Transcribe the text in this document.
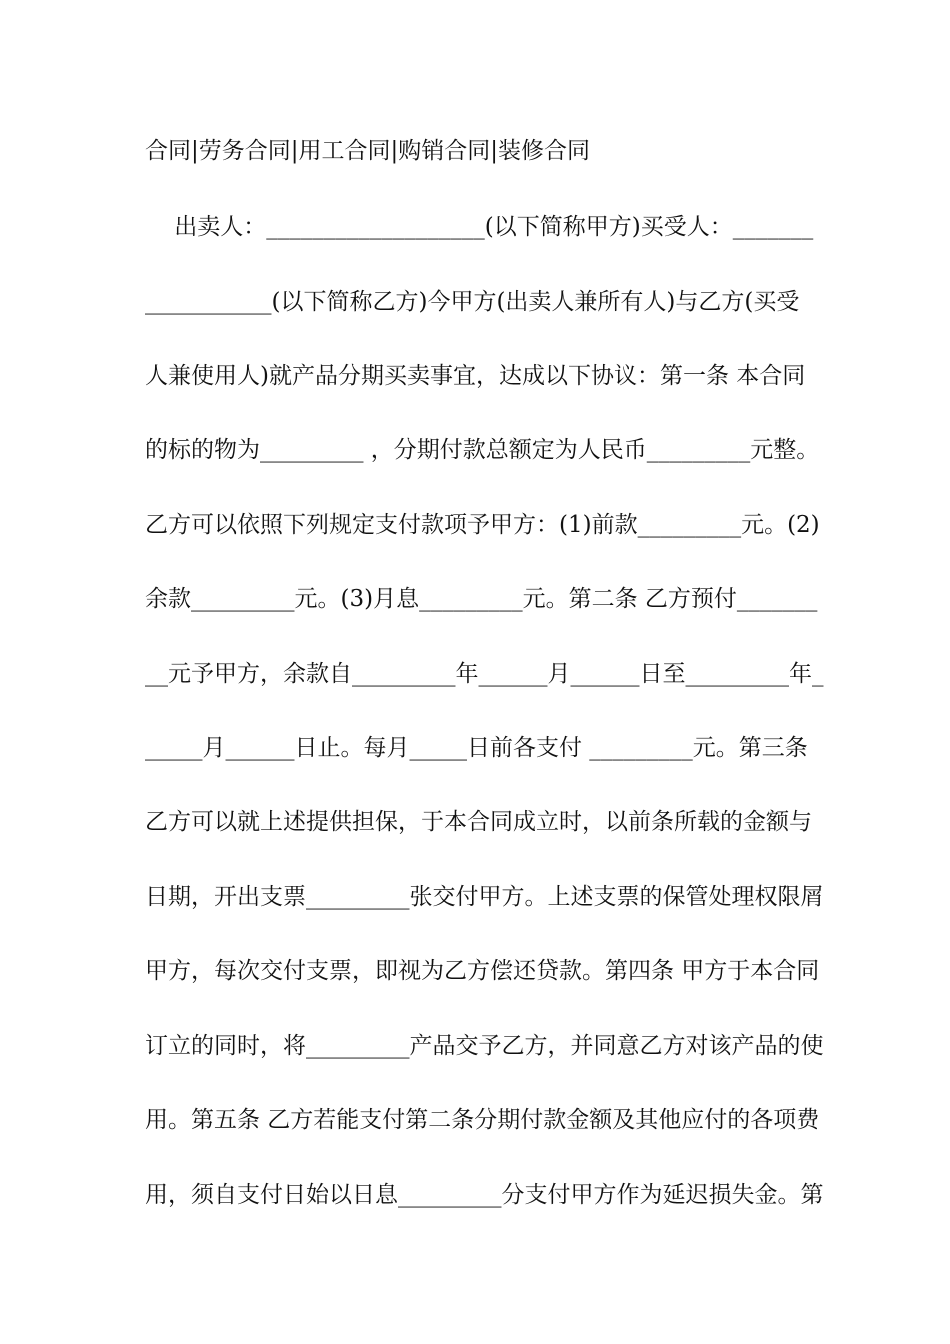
合同|劳务合同|用工合同|购销合同|装修合同
出卖人：___________________(以下简称甲方)买受人：_______
___________(以下简称乙方)今甲方(出卖人兼所有人)与乙方(买受
人兼使用人)就产品分期买卖事宜，达成以下协议：第一条 本合同
的标的物为_________ ，分期付款总额定为人民币_________元整。
乙方可以依照下列规定支付款项予甲方：(1)前款_________元。(2)
余款_________元。(3)月息_________元。第二条 乙方预付_______
__元予甲方，余款自_________年______月______日至_________年_
_____月______日止。每月_____日前各支付 _________元。第三条
乙方可以就上述提供担保，于本合同成立时，以前条所载的金额与
日期，开出支票_________张交付甲方。上述支票的保管处理权限屑
甲方，每次交付支票，即视为乙方偿还贷款。第四条 甲方于本合同
订立的同时，将_________产品交予乙方，并同意乙方对该产品的使
用。第五条 乙方若能支付第二条分期付款金额及其他应付的各项费
用，须自支付日始以日息_________分支付甲方作为延迟损失金。第
